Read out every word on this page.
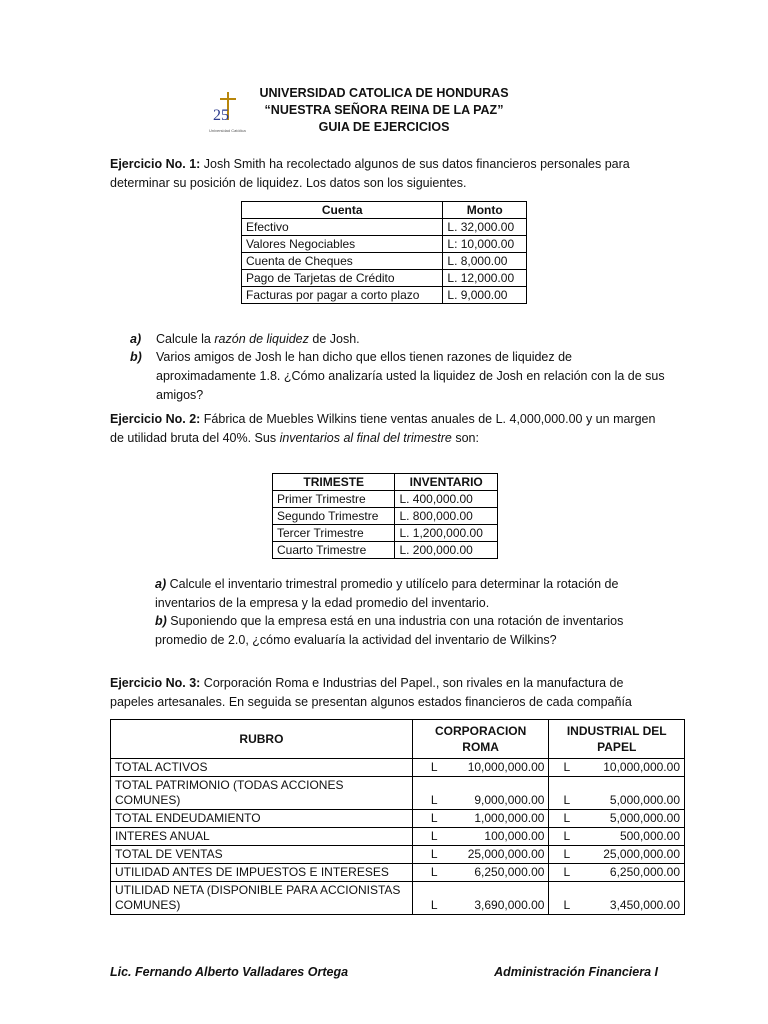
25
Universidad Católica
UNIVERSIDAD CATOLICA DE HONDURAS
“NUESTRA SEÑORA REINA DE LA PAZ”
GUIA DE EJERCICIOS
Ejercicio No. 1: Josh Smith ha recolectado algunos de sus datos financieros personales para determinar su posición de liquidez. Los datos son los siguientes.
Cuenta	Monto
Efectivo	L. 32,000.00
Valores Negociables	L: 10,000.00
Cuenta de Cheques	L. 8,000.00
Pago de Tarjetas de Crédito	L. 12,000.00
Facturas por pagar a corto plazo	L. 9,000.00
a) Calcule la razón de liquidez de Josh.
b) Varios amigos de Josh le han dicho que ellos tienen razones de liquidez de aproximadamente 1.8. ¿Cómo analizaría usted la liquidez de Josh en relación con la de sus amigos?
Ejercicio No. 2: Fábrica de Muebles Wilkins tiene ventas anuales de L. 4,000,000.00 y un margen de utilidad bruta del 40%. Sus inventarios al final del trimestre son:
TRIMESTE	INVENTARIO
Primer Trimestre	L. 400,000.00
Segundo Trimestre	L. 800,000.00
Tercer Trimestre	L. 1,200,000.00
Cuarto Trimestre	L. 200,000.00
a) Calcule el inventario trimestral promedio y utilícelo para determinar la rotación de inventarios de la empresa y la edad promedio del inventario.
b) Suponiendo que la empresa está en una industria con una rotación de inventarios promedio de 2.0, ¿cómo evaluaría la actividad del inventario de Wilkins?
Ejercicio No. 3: Corporación Roma e Industrias del Papel., son rivales en la manufactura de papeles artesanales. En seguida se presentan algunos estados financieros de cada compañía
RUBRO	CORPORACION ROMA	INDUSTRIAL DEL PAPEL
TOTAL ACTIVOS	L 10,000,000.00	L 10,000,000.00
TOTAL PATRIMONIO (TODAS ACCIONES COMUNES)	L 9,000,000.00	L 5,000,000.00
TOTAL ENDEUDAMIENTO	L 1,000,000.00	L 5,000,000.00
INTERES ANUAL	L 100,000.00	L 500,000.00
TOTAL DE VENTAS	L 25,000,000.00	L 25,000,000.00
UTILIDAD ANTES DE IMPUESTOS E INTERESES	L 6,250,000.00	L 6,250,000.00
UTILIDAD NETA (DISPONIBLE PARA ACCIONISTAS COMUNES)	L 3,690,000.00	L 3,450,000.00
Lic. Fernando Alberto Valladares Ortega	Administración Financiera I
